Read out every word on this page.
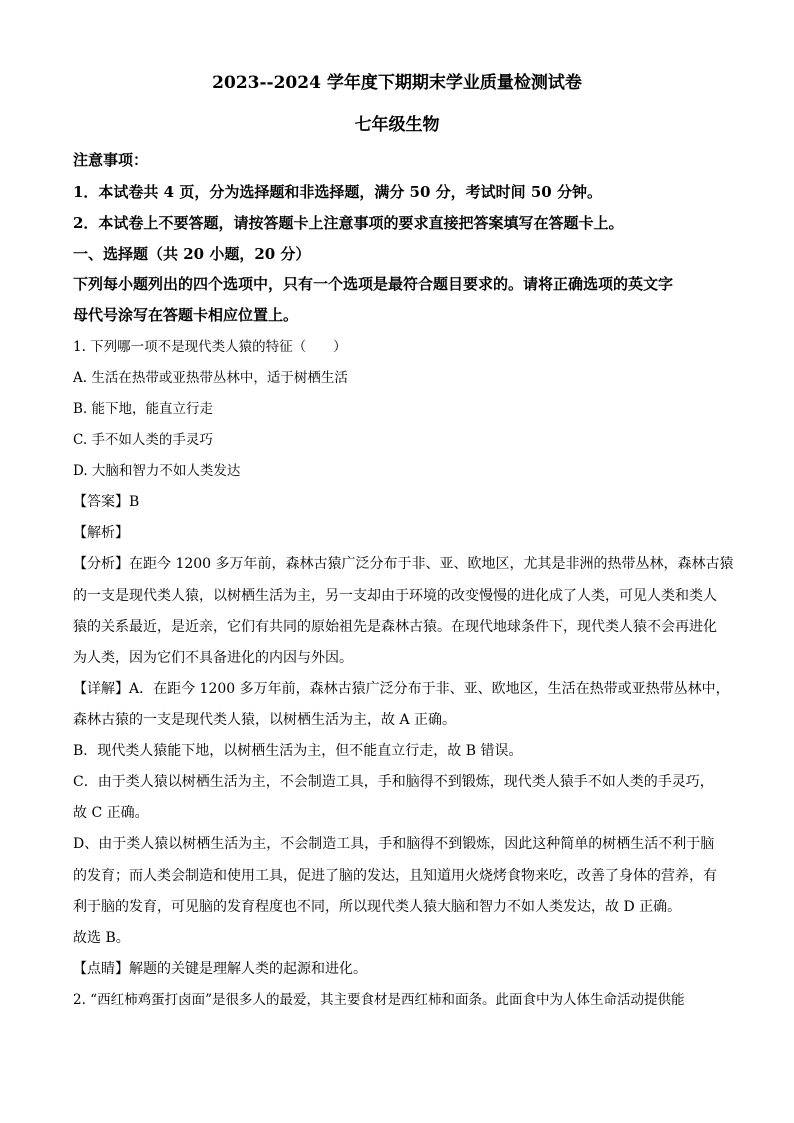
2023--2024 学年度下期期末学业质量检测试卷
七年级生物
注意事项：
1．本试卷共 4 页，分为选择题和非选择题，满分 50 分，考试时间 50 分钟。
2．本试卷上不要答题，请按答题卡上注意事项的要求直接把答案填写在答题卡上。
一、选择题（共 20 小题，20 分）
下列每小题列出的四个选项中，只有一个选项是最符合题目要求的。请将正确选项的英文字
母代号涂写在答题卡相应位置上。
1. 下列哪一项不是现代类人猿的特征（　　）
A. 生活在热带或亚热带丛林中，适于树栖生活
B. 能下地，能直立行走
C. 手不如人类的手灵巧
D. 大脑和智力不如人类发达
【答案】B
【解析】
【分析】在距今 1200 多万年前，森林古猿广泛分布于非、亚、欧地区，尤其是非洲的热带丛林，森林古猿
的一支是现代类人猿，以树栖生活为主，另一支却由于环境的改变慢慢的进化成了人类，可见人类和类人
猿的关系最近，是近亲，它们有共同的原始祖先是森林古猿。在现代地球条件下，现代类人猿不会再进化
为人类，因为它们不具备进化的内因与外因。
【详解】A．在距今 1200 多万年前，森林古猿广泛分布于非、亚、欧地区，生活在热带或亚热带丛林中，
森林古猿的一支是现代类人猿，以树栖生活为主，故 A 正确。
B．现代类人猿能下地，以树栖生活为主，但不能直立行走，故 B 错误。
C．由于类人猿以树栖生活为主，不会制造工具，手和脑得不到锻炼，现代类人猿手不如人类的手灵巧，
故 C 正确。
D、由于类人猿以树栖生活为主，不会制造工具，手和脑得不到锻炼，因此这种简单的树栖生活不利于脑
的发育；而人类会制造和使用工具，促进了脑的发达，且知道用火烧烤食物来吃，改善了身体的营养，有
利于脑的发育，可见脑的发育程度也不同，所以现代类人猿大脑和智力不如人类发达，故 D 正确。
故选 B。
【点睛】解题的关键是理解人类的起源和进化。
2. “西红柿鸡蛋打卤面”是很多人的最爱，其主要食材是西红柿和面条。此面食中为人体生命活动提供能
